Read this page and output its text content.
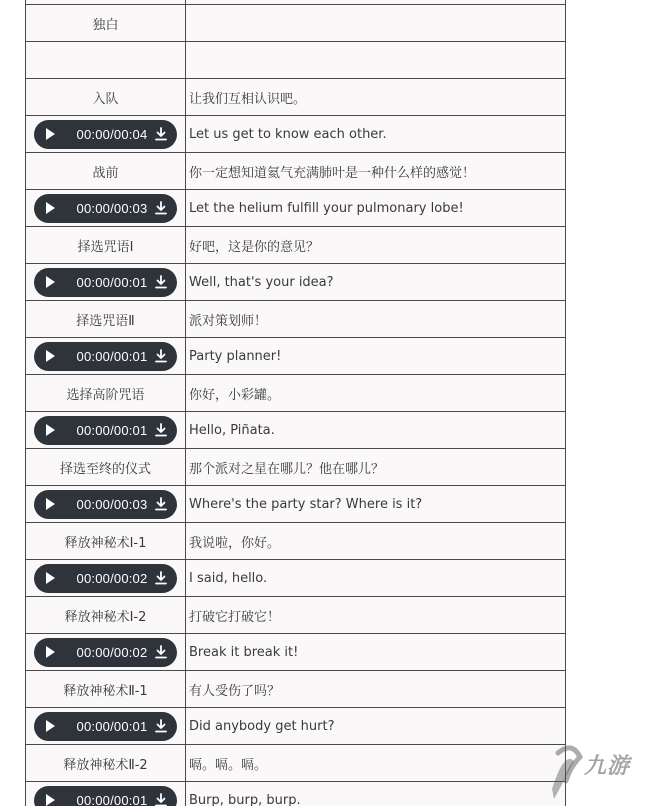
独白	

入队	让我们互相认识吧。

00:00/00:04	Let us get to know each other.
战前	你一定想知道氦气充满肺叶是一种什么样的感觉！

00:00/00:03	Let the helium fulfill your pulmonary lobe!
择选咒语Ⅰ	好吧，这是你的意见？

00:00/00:01	Well, that's your idea?
择选咒语Ⅱ	派对策划师！

00:00/00:01	Party planner!
选择高阶咒语	你好，小彩罐。

00:00/00:01	Hello, Piñata.
择选至终的仪式	那个派对之星在哪儿？他在哪儿？

00:00/00:03	Where's the party star? Where is it?
释放神秘术Ⅰ-1	我说啦，你好。

00:00/00:02	I said, hello.
释放神秘术Ⅰ-2	打破它打破它！

00:00/00:02	Break it break it!
释放神秘术Ⅱ-1	有人受伤了吗？

00:00/00:01	Did anybody get hurt?
释放神秘术Ⅱ-2	嗝。嗝。嗝。

00:00/00:01	Burp, burp, burp.
九游
